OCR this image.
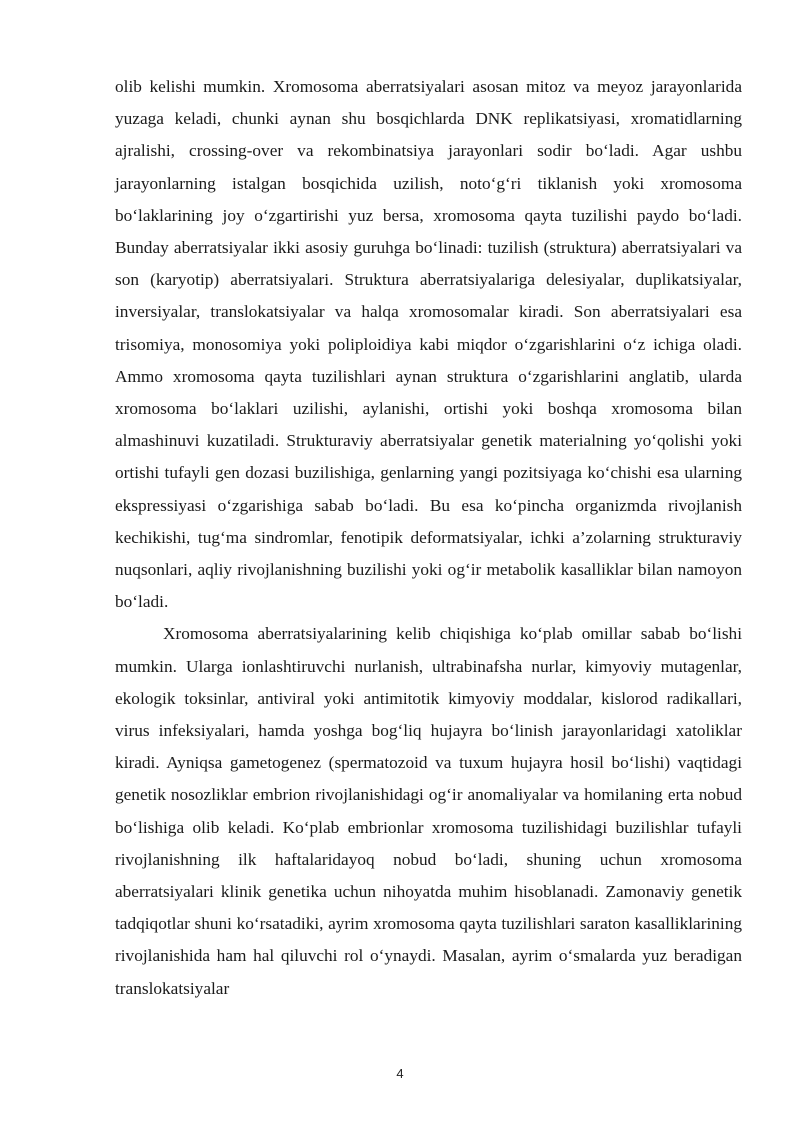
olib kelishi mumkin. Xromosoma aberratsiyalari asosan mitoz va meyoz jarayonlarida yuzaga keladi, chunki aynan shu bosqichlarda DNK replikatsiyasi, xromatidlarning ajralishi, crossing-over va rekombinatsiya jarayonlari sodir bo‘ladi. Agar ushbu jarayonlarning istalgan bosqichida uzilish, noto‘g‘ri tiklanish yoki xromosoma bo‘laklarining joy o‘zgartirishi yuz bersa, xromosoma qayta tuzilishi paydo bo‘ladi. Bunday aberratsiyalar ikki asosiy guruhga bo‘linadi: tuzilish (struktura) aberratsiyalari va son (karyotip) aberratsiyalari. Struktura aberratsiyalariga delesiyalar, duplikatsiyalar, inversiyalar, translokatsiyalar va halqa xromosomalar kiradi. Son aberratsiyalari esa trisomiya, monosomiya yoki poliploidiya kabi miqdor o‘zgarishlarini o‘z ichiga oladi. Ammo xromosoma qayta tuzilishlari aynan struktura o‘zgarishlarini anglatib, ularda xromosoma bo‘laklari uzilishi, aylanishi, ortishi yoki boshqa xromosoma bilan almashinuvi kuzatiladi. Strukturaviy aberratsiyalar genetik materialning yo‘qolishi yoki ortishi tufayli gen dozasi buzilishiga, genlarning yangi pozitsiyaga ko‘chishi esa ularning ekspressiyasi o‘zgarishiga sabab bo‘ladi. Bu esa ko‘pincha organizmda rivojlanish kechikishi, tug‘ma sindromlar, fenotipik deformatsiyalar, ichki a’zolarning strukturaviy nuqsonlari, aqliy rivojlanishning buzilishi yoki og‘ir metabolik kasalliklar bilan namoyon bo‘ladi.

Xromosoma aberratsiyalarining kelib chiqishiga ko‘plab omillar sabab bo‘lishi mumkin. Ularga ionlashtiruvchi nurlanish, ultrabinafsha nurlar, kimyoviy mutagenlar, ekologik toksinlar, antiviral yoki antimitotik kimyoviy moddalar, kislorod radikallari, virus infeksiyalari, hamda yoshga bog‘liq hujayra bo‘linish jarayonlaridagi xatoliklar kiradi. Ayniqsa gametogenez (spermatozoid va tuxum hujayra hosil bo‘lishi) vaqtidagi genetik nosozliklar embrion rivojlanishidagi og‘ir anomaliyalar va homilaning erta nobud bo‘lishiga olib keladi. Ko‘plab embrionlar xromosoma tuzilishidagi buzilishlar tufayli rivojlanishning ilk haftalaridayoq nobud bo‘ladi, shuning uchun xromosoma aberratsiyalari klinik genetika uchun nihoyatda muhim hisoblanadi. Zamonaviy genetik tadqiqotlar shuni ko‘rsatadiki, ayrim xromosoma qayta tuzilishlari saraton kasalliklarining rivojlanishida ham hal qiluvchi rol o‘ynaydi. Masalan, ayrim o‘smalarda yuz beradigan translokatsiyalar

4
